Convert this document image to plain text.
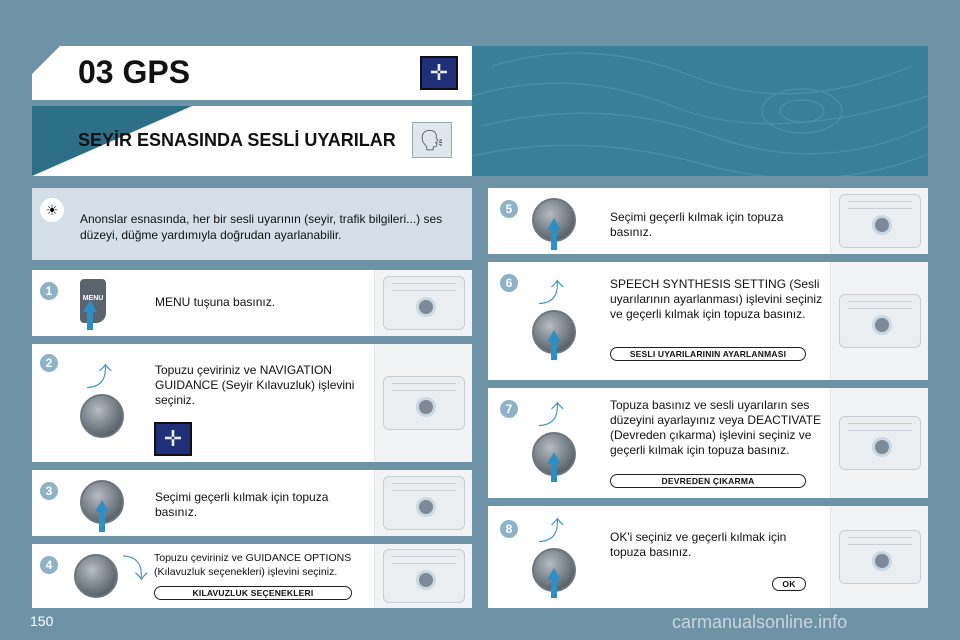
03 GPS	✛
SEYİR ESNASINDA SESLİ UYARILAR	🗣
☀
Anonslar esnasında, her bir sesli uyarının (seyir, trafik bilgileri...) ses düzeyi, düğme yardımıyla doğrudan ayarlanabilir.
1
MENU	MENU tuşuna basınız.
2 ⤴
✛
Topuzu çeviriniz ve NAVIGATION GUIDANCE (Seyir Kılavuzluk) işlevini seçiniz.
3	Seçimi geçerli kılmak için topuza basınız.
4	⤵ Topuzu çeviriniz ve GUIDANCE OPTIONS (Kılavuzluk seçenekleri) işlevini seçiniz.
KILAVUZLUK SEÇENEKLERI
5
Seçimi geçerli kılmak için topuza basınız.
6 ⤴	SPEECH SYNTHESIS SETTING (Sesli uyarılarının ayarlanması) işlevini seçiniz ve geçerli kılmak için topuza basınız.
SESLI UYARILARININ AYARLANMASI
7 ⤴	Topuza basınız ve sesli uyarıların ses düzeyini ayarlayınız veya DEACTIVATE (Devreden çıkarma) işlevini seçiniz ve geçerli kılmak için topuza basınız.
DEVREDEN ÇIKARMA
8 ⤴	OK'i seçiniz ve geçerli kılmak için topuza basınız.
OK
150	carmanualsonline.info
